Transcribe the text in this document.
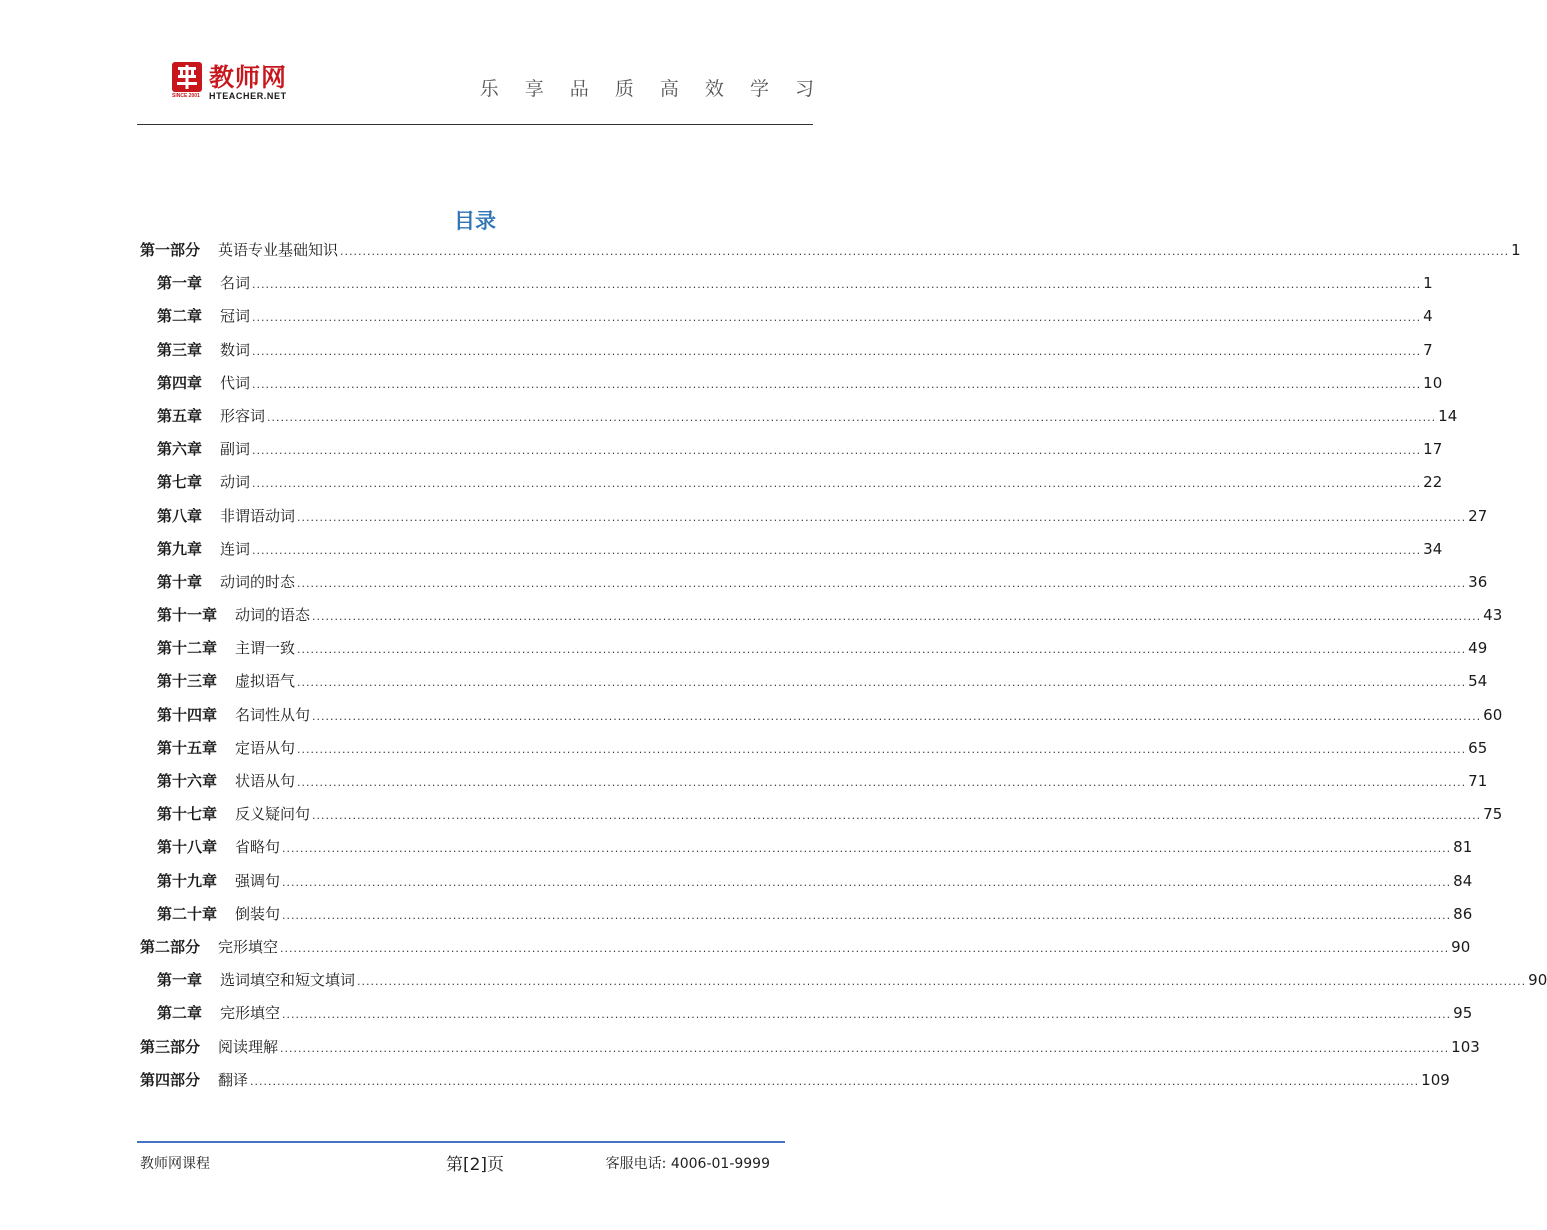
SINCE 2001
教师网
HTEACHER.NET	乐 享 品 质 高 效 学 习
目录
第一部分 英语专业基础知识 .................................................................................................................................................................................................................................................................... 1
第一章 名词 .................................................................................................................................................................................................................................................................... 1
第二章 冠词 .................................................................................................................................................................................................................................................................... 4
第三章 数词 .................................................................................................................................................................................................................................................................... 7
第四章 代词 .................................................................................................................................................................................................................................................................... 10
第五章 形容词 .................................................................................................................................................................................................................................................................... 14
第六章 副词 .................................................................................................................................................................................................................................................................... 17
第七章 动词 .................................................................................................................................................................................................................................................................... 22
第八章 非谓语动词 .................................................................................................................................................................................................................................................................... 27
第九章 连词 .................................................................................................................................................................................................................................................................... 34
第十章 动词的时态 .................................................................................................................................................................................................................................................................... 36
第十一章 动词的语态 .................................................................................................................................................................................................................................................................... 43
第十二章 主谓一致 .................................................................................................................................................................................................................................................................... 49
第十三章 虚拟语气 .................................................................................................................................................................................................................................................................... 54
第十四章 名词性从句 .................................................................................................................................................................................................................................................................... 60
第十五章 定语从句 .................................................................................................................................................................................................................................................................... 65
第十六章 状语从句 .................................................................................................................................................................................................................................................................... 71
第十七章 反义疑问句 .................................................................................................................................................................................................................................................................... 75
第十八章 省略句 .................................................................................................................................................................................................................................................................... 81
第十九章 强调句 .................................................................................................................................................................................................................................................................... 84
第二十章 倒装句 .................................................................................................................................................................................................................................................................... 86
第二部分 完形填空 .................................................................................................................................................................................................................................................................... 90
第一章 选词填空和短文填词 .................................................................................................................................................................................................................................................................... 90
第二章 完形填空 .................................................................................................................................................................................................................................................................... 95
第三部分 阅读理解 .................................................................................................................................................................................................................................................................... 103
第四部分 翻译 .................................................................................................................................................................................................................................................................... 109
教师网课程	第[2]页	客服电话: 4006-01-9999
